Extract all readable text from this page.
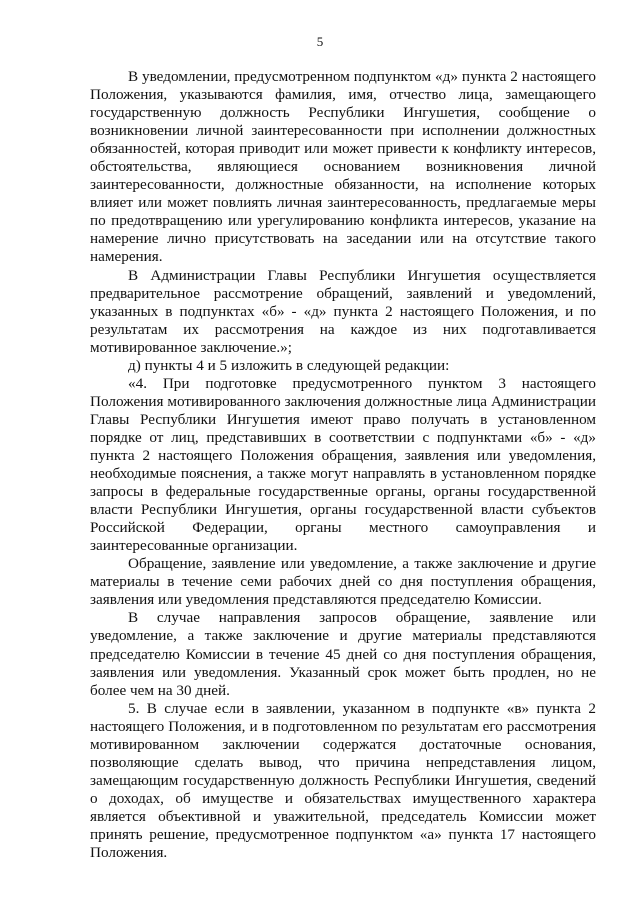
5

В уведомлении, предусмотренном подпунктом «д» пункта 2 настоящего Положения, указываются фамилия, имя, отчество лица, замещающего государственную должность Республики Ингушетия, сообщение о возникновении личной заинтересованности при исполнении должностных обязанностей, которая приводит или может привести к конфликту интересов, обстоятельства, являющиеся основанием возникновения личной заинтересованности, должностные обязанности, на исполнение которых влияет или может повлиять личная заинтересованность, предлагаемые меры по предотвращению или урегулированию конфликта интересов, указание на намерение лично присутствовать на заседании или на отсутствие такого намерения.

В Администрации Главы Республики Ингушетия осуществляется предварительное рассмотрение обращений, заявлений и уведомлений, указанных в подпунктах «б» - «д» пункта 2 настоящего Положения, и по результатам их рассмотрения на каждое из них подготавливается мотивированное заключение.»;

д) пункты 4 и 5 изложить в следующей редакции:

«4. При подготовке предусмотренного пунктом 3 настоящего Положения мотивированного заключения должностные лица Администрации Главы Республики Ингушетия имеют право получать в установленном порядке от лиц, представивших в соответствии с подпунктами «б» - «д» пункта 2 настоящего Положения обращения, заявления или уведомления, необходимые пояснения, а также могут направлять в установленном порядке запросы в федеральные государственные органы, органы государственной власти Республики Ингушетия, органы государственной власти субъектов Российской Федерации, органы местного самоуправления и заинтересованные организации.

Обращение, заявление или уведомление, а также заключение и другие материалы в течение семи рабочих дней со дня поступления обращения, заявления или уведомления представляются председателю Комиссии.

В случае направления запросов обращение, заявление или уведомление, а также заключение и другие материалы представляются председателю Комиссии в течение 45 дней со дня поступления обращения, заявления или уведомления. Указанный срок может быть продлен, но не более чем на 30 дней.

5. В случае если в заявлении, указанном в подпункте «в» пункта 2 настоящего Положения, и в подготовленном по результатам его рассмотрения мотивированном заключении содержатся достаточные основания, позволяющие сделать вывод, что причина непредставления лицом, замещающим государственную должность Республики Ингушетия, сведений о доходах, об имуществе и обязательствах имущественного характера является объективной и уважительной, председатель Комиссии может принять решение, предусмотренное подпунктом «а» пункта 17 настоящего Положения.
